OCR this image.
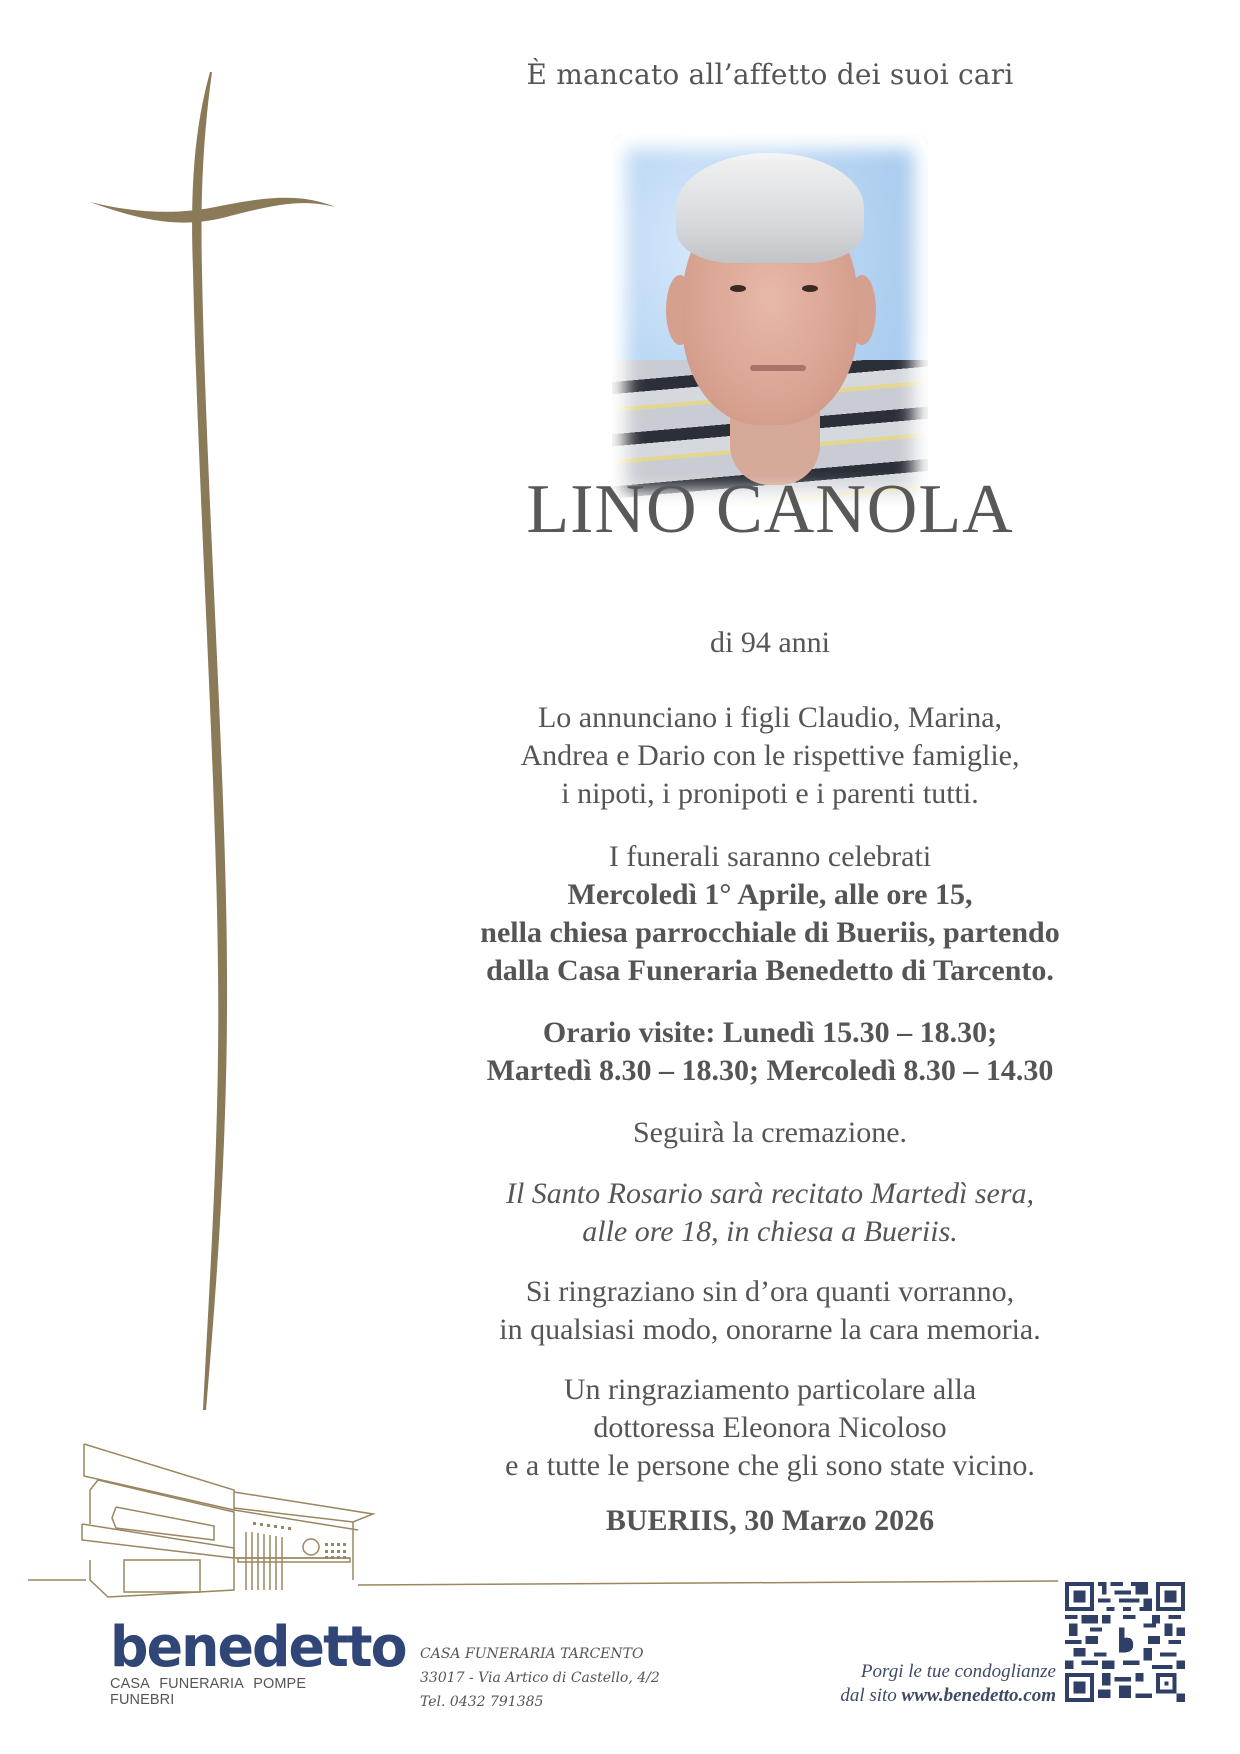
È mancato all’affetto dei suoi cari
LINO CANOLA
di 94 anni
Lo annunciano i figli Claudio, Marina,
Andrea e Dario con le rispettive famiglie,
i nipoti, i pronipoti e i parenti tutti.
I funerali saranno celebrati
Mercoledì 1° Aprile, alle ore 15,
nella chiesa parrocchiale di Bueriis, partendo
dalla Casa Funeraria Benedetto di Tarcento.
Orario visite: Lunedì 15.30 – 18.30;
Martedì 8.30 – 18.30; Mercoledì 8.30 – 14.30
Seguirà la cremazione.
Il Santo Rosario sarà recitato Martedì sera,
alle ore 18, in chiesa a Bueriis.
Si ringraziano sin d’ora quanti vorranno,
in qualsiasi modo, onorarne la cara memoria.
Un ringraziamento particolare alla
dottoressa Eleonora Nicoloso
e a tutte le persone che gli sono state vicino.
BUERIIS, 30 Marzo 2026
benedetto
CASA FUNERARIA POMPE FUNEBRI
CASA FUNERARIA TARCENTO
33017 - Via Artico di Castello, 4/2
Tel. 0432 791385
Porgi le tue condoglianze
dal sito www.benedetto.com
